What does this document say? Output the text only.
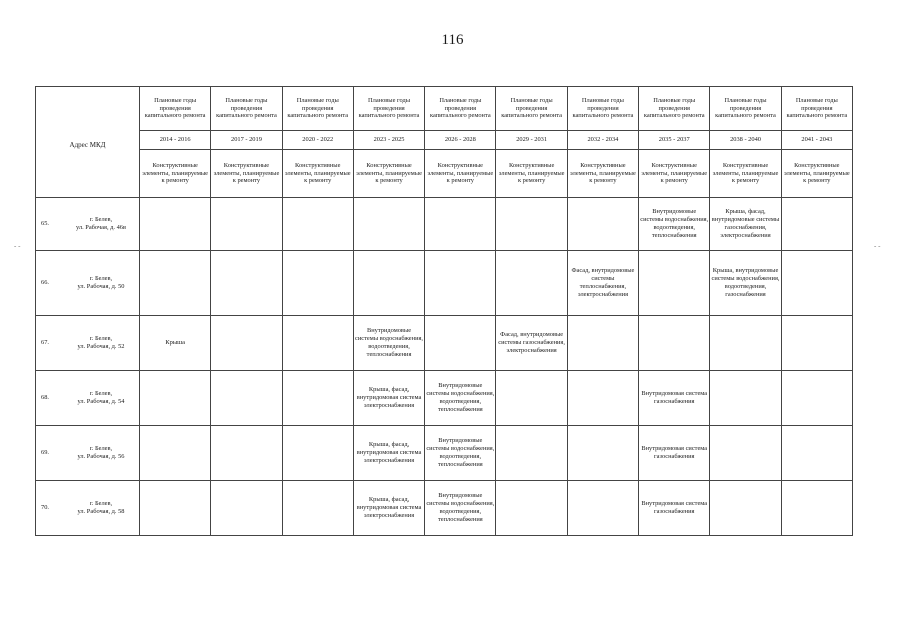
116
- -	- -
Адрес МКД	Плановые годы проведения капитального ремонта	Плановые годы проведения капитального ремонта	Плановые годы проведения капитального ремонта	Плановые годы проведения капитального ремонта	Плановые годы проведения капитального ремонта	Плановые годы проведения капитального ремонта	Плановые годы проведения капитального ремонта	Плановые годы проведения капитального ремонта	Плановые годы проведения капитального ремонта	Плановые годы проведения капитального ремонта
	2014 - 2016	2017 - 2019	2020 - 2022	2023 - 2025	2026 - 2028	2029 - 2031	2032 - 2034	2035 - 2037	2038 - 2040	2041 - 2043
	Конструктивные элементы, планируемые к ремонту	Конструктивные элементы, планируемые к ремонту	Конструктивные элементы, планируемые к ремонту	Конструктивные элементы, планируемые к ремонту	Конструктивные элементы, планируемые к ремонту	Конструктивные элементы, планируемые к ремонту	Конструктивные элементы, планируемые к ремонту	Конструктивные элементы, планируемые к ремонту	Конструктивные элементы, планируемые к ремонту	Конструктивные элементы, планируемые к ремонту

65.
г. Белев,
ул. Рабочая, д. 46в								Внутридомовые системы водоснабжения, водоотведения, теплоснабжения	Крыша, фасад, внутридомовые системы газоснабжения, электроснабжения	

66.
г. Белев,
ул. Рабочая, д. 50							Фасад, внутридомовые системы теплоснабжения, электроснабжения		Крыша, внутридомовые системы водоснабжения, водоотведения, газоснабжения	

67.
г. Белев,
ул. Рабочая, д. 52	Крыша			Внутридомовые системы водоснабжения, водоотведения, теплоснабжения		Фасад, внутридомовые системы газоснабжения, электроснабжения				

68.
г. Белев,
ул. Рабочая, д. 54				Крыша, фасад, внутридомовая система электроснабжения	Внутридомовые системы водоснабжения, водоотведения, теплоснабжения			Внутридомовая система газоснабжения		

69.
г. Белев,
ул. Рабочая, д. 56				Крыша, фасад, внутридомовая система электроснабжения	Внутридомовые системы водоснабжения, водоотведения, теплоснабжения			Внутридомовая система газоснабжения		

70.
г. Белев,
ул. Рабочая, д. 58				Крыша, фасад, внутридомовая система электроснабжения	Внутридомовые системы водоснабжения, водоотведения, теплоснабжения			Внутридомовая система газоснабжения		
